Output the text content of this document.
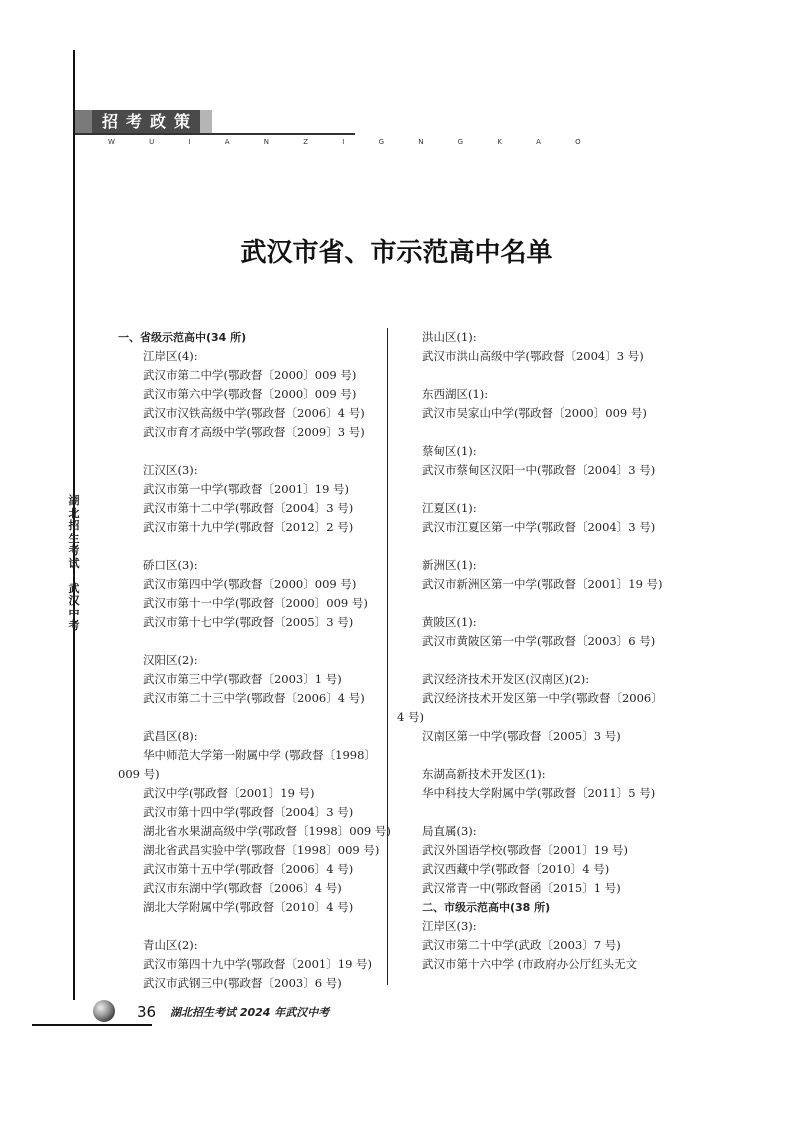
招考政策
W U I A N Z I G N G K A O
武汉市省、市示范高中名单
湖
北
招
生
考
试
·
武
汉
中
考
一、省级示范高中(34 所)
江岸区(4):
武汉市第二中学(鄂政督〔2000〕009 号)
武汉市第六中学(鄂政督〔2000〕009 号)
武汉市汉铁高级中学(鄂政督〔2006〕4 号)
武汉市育才高级中学(鄂政督〔2009〕3 号)
江汉区(3):
武汉市第一中学(鄂政督〔2001〕19 号)
武汉市第十二中学(鄂政督〔2004〕3 号)
武汉市第十九中学(鄂政督〔2012〕2 号)
硚口区(3):
武汉市第四中学(鄂政督〔2000〕009 号)
武汉市第十一中学(鄂政督〔2000〕009 号)
武汉市第十七中学(鄂政督〔2005〕3 号)
汉阳区(2):
武汉市第三中学(鄂政督〔2003〕1 号)
武汉市第二十三中学(鄂政督〔2006〕4 号)
武昌区(8):
华中师范大学第一附属中学 (鄂政督〔1998〕
009 号)
武汉中学(鄂政督〔2001〕19 号)
武汉市第十四中学(鄂政督〔2004〕3 号)
湖北省水果湖高级中学(鄂政督〔1998〕009 号)
湖北省武昌实验中学(鄂政督〔1998〕009 号)
武汉市第十五中学(鄂政督〔2006〕4 号)
武汉市东湖中学(鄂政督〔2006〕4 号)
湖北大学附属中学(鄂政督〔2010〕4 号)
青山区(2):
武汉市第四十九中学(鄂政督〔2001〕19 号)
武汉市武钢三中(鄂政督〔2003〕6 号)
洪山区(1):
武汉市洪山高级中学(鄂政督〔2004〕3 号)
东西湖区(1):
武汉市吴家山中学(鄂政督〔2000〕009 号)
蔡甸区(1):
武汉市蔡甸区汉阳一中(鄂政督〔2004〕3 号)
江夏区(1):
武汉市江夏区第一中学(鄂政督〔2004〕3 号)
新洲区(1):
武汉市新洲区第一中学(鄂政督〔2001〕19 号)
黄陂区(1):
武汉市黄陂区第一中学(鄂政督〔2003〕6 号)
武汉经济技术开发区(汉南区)(2):
武汉经济技术开发区第一中学(鄂政督〔2006〕
4 号)
汉南区第一中学(鄂政督〔2005〕3 号)
东湖高新技术开发区(1):
华中科技大学附属中学(鄂政督〔2011〕5 号)
局直属(3):
武汉外国语学校(鄂政督〔2001〕19 号)
武汉西藏中学(鄂政督〔2010〕4 号)
武汉常青一中(鄂政督函〔2015〕1 号)
二、市级示范高中(38 所)
江岸区(3):
武汉市第二十中学(武政〔2003〕7 号)
武汉市第十六中学 (市政府办公厅红头无文
36 湖北招生考试 2024 年武汉中考
